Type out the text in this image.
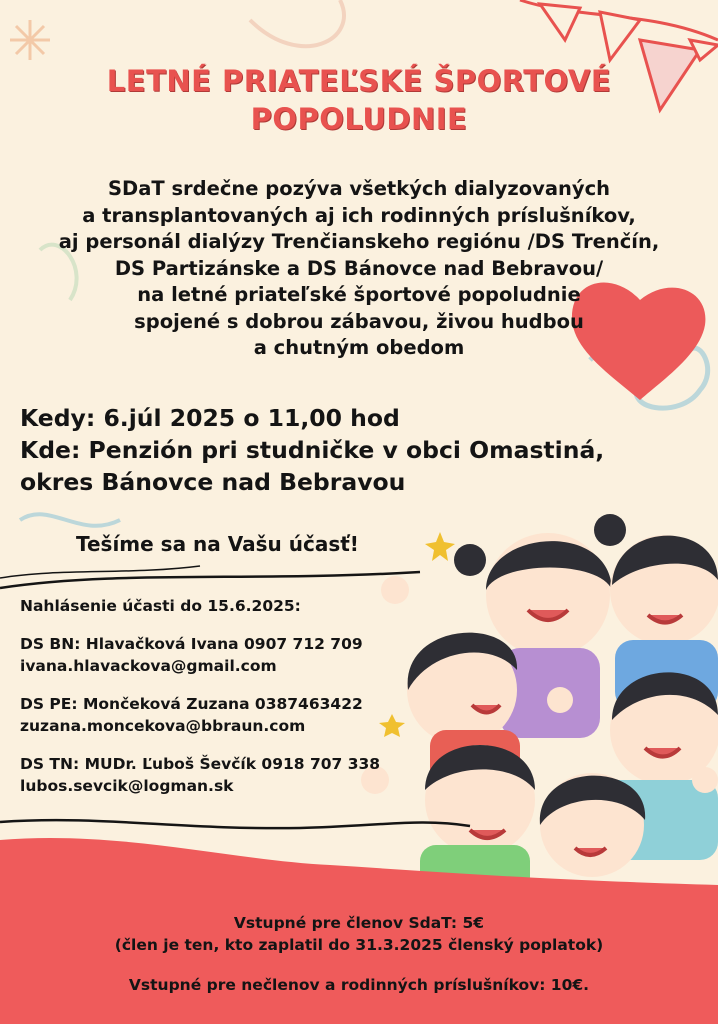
LETNÉ PRIATEĽSKÉ ŠPORTOVÉ
POPOLUDNIE
SDaT srdečne pozýva všetkých dialyzovaných
a transplantovaných aj ich rodinných príslušníkov,
aj personál dialýzy Trenčianskeho regiónu /DS Trenčín,
DS Partizánske a DS Bánovce nad Bebravou/
na letné priateľské športové popoludnie
spojené s dobrou zábavou, živou hudbou
a chutným obedom
Kedy: 6.júl 2025 o 11,00 hod
Kde: Penzión pri studničke v obci Omastiná,
okres Bánovce nad Bebravou
Tešíme sa na Vašu účasť!
Nahlásenie účasti do 15.6.2025:
DS BN: Hlavačková Ivana 0907 712 709
ivana.hlavackova@gmail.com
DS PE: Mončeková Zuzana 0387463422
zuzana.moncekova@bbraun.com
DS TN: MUDr. Ľuboš Ševčík 0918 707 338
lubos.sevcik@logman.sk
Vstupné pre členov SdaT: 5€
(člen je ten, kto zaplatil do 31.3.2025 členský poplatok)
Vstupné pre nečlenov a rodinných príslušníkov: 10€.
